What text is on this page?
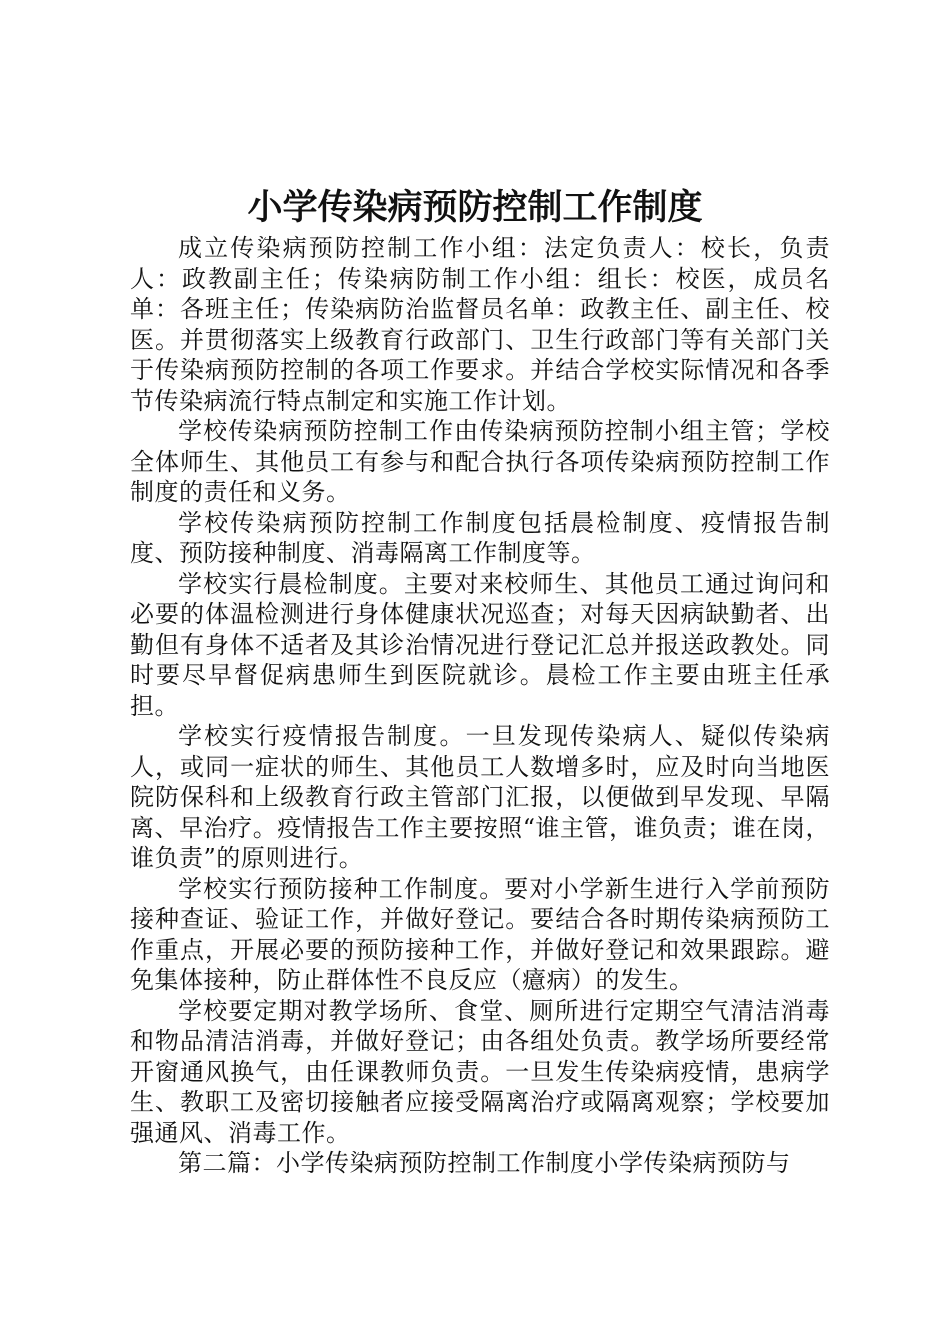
小学传染病预防控制工作制度

成立传染病预防控制工作小组：法定负责人：校长，负责人：政教副主任；传染病防制工作小组：组长：校医，成员名单：各班主任；传染病防治监督员名单：政教主任、副主任、校医。并贯彻落实上级教育行政部门、卫生行政部门等有关部门关于传染病预防控制的各项工作要求。并结合学校实际情况和各季节传染病流行特点制定和实施工作计划。

学校传染病预防控制工作由传染病预防控制小组主管；学校全体师生、其他员工有参与和配合执行各项传染病预防控制工作制度的责任和义务。

学校传染病预防控制工作制度包括晨检制度、疫情报告制度、预防接种制度、消毒隔离工作制度等。

学校实行晨检制度。主要对来校师生、其他员工通过询问和必要的体温检测进行身体健康状况巡查；对每天因病缺勤者、出勤但有身体不适者及其诊治情况进行登记汇总并报送政教处。同时要尽早督促病患师生到医院就诊。晨检工作主要由班主任承担。

学校实行疫情报告制度。一旦发现传染病人、疑似传染病人，或同一症状的师生、其他员工人数增多时，应及时向当地医院防保科和上级教育行政主管部门汇报，以便做到早发现、早隔离、早治疗。疫情报告工作主要按照“谁主管，谁负责；谁在岗，谁负责”的原则进行。

学校实行预防接种工作制度。要对小学新生进行入学前预防接种查证、验证工作，并做好登记。要结合各时期传染病预防工作重点，开展必要的预防接种工作，并做好登记和效果跟踪。避免集体接种，防止群体性不良反应（癔病）的发生。

学校要定期对教学场所、食堂、厕所进行定期空气清洁消毒和物品清洁消毒，并做好登记；由各组处负责。教学场所要经常开窗通风换气，由任课教师负责。一旦发生传染病疫情，患病学生、教职工及密切接触者应接受隔离治疗或隔离观察；学校要加强通风、消毒工作。

第二篇：小学传染病预防控制工作制度小学传染病预防与
